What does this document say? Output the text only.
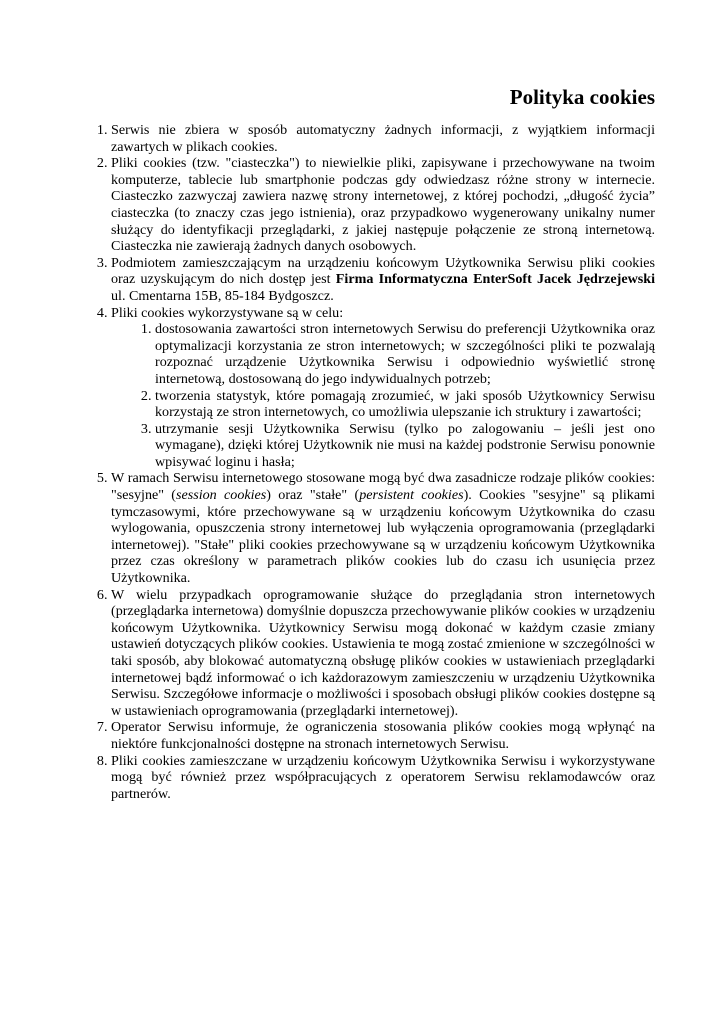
Polityka cookies
1. Serwis nie zbiera w sposób automatyczny żadnych informacji, z wyjątkiem informacji zawartych w plikach cookies.
2. Pliki cookies (tzw. "ciasteczka") to niewielkie pliki, zapisywane i przechowywane na twoim komputerze, tablecie lub smartphonie podczas gdy odwiedzasz różne strony w internecie. Ciasteczko zazwyczaj zawiera nazwę strony internetowej, z której pochodzi, „długość życia” ciasteczka (to znaczy czas jego istnienia), oraz przypadkowo wygenerowany unikalny numer służący do identyfikacji przeglądarki, z jakiej następuje połączenie ze stroną internetową. Ciasteczka nie zawierają żadnych danych osobowych.
3. Podmiotem zamieszczającym na urządzeniu końcowym Użytkownika Serwisu pliki cookies oraz uzyskującym do nich dostęp jest Firma Informatyczna EnterSoft Jacek Jędrzejewski ul. Cmentarna 15B, 85-184 Bydgoszcz.
4. Pliki cookies wykorzystywane są w celu:
1. dostosowania zawartości stron internetowych Serwisu do preferencji Użytkownika oraz optymalizacji korzystania ze stron internetowych; w szczególności pliki te pozwalają rozpoznać urządzenie Użytkownika Serwisu i odpowiednio wyświetlić stronę internetową, dostosowaną do jego indywidualnych potrzeb;
2. tworzenia statystyk, które pomagają zrozumieć, w jaki sposób Użytkownicy Serwisu korzystają ze stron internetowych, co umożliwia ulepszanie ich struktury i zawartości;
3. utrzymanie sesji Użytkownika Serwisu (tylko po zalogowaniu – jeśli jest ono wymagane), dzięki której Użytkownik nie musi na każdej podstronie Serwisu ponownie wpisywać loginu i hasła;
5. W ramach Serwisu internetowego stosowane mogą być dwa zasadnicze rodzaje plików cookies: "sesyjne" (session cookies) oraz "stałe" (persistent cookies). Cookies "sesyjne" są plikami tymczasowymi, które przechowywane są w urządzeniu końcowym Użytkownika do czasu wylogowania, opuszczenia strony internetowej lub wyłączenia oprogramowania (przeglądarki internetowej). "Stałe" pliki cookies przechowywane są w urządzeniu końcowym Użytkownika przez czas określony w parametrach plików cookies lub do czasu ich usunięcia przez Użytkownika.
6. W wielu przypadkach oprogramowanie służące do przeglądania stron internetowych (przeglądarka internetowa) domyślnie dopuszcza przechowywanie plików cookies w urządzeniu końcowym Użytkownika. Użytkownicy Serwisu mogą dokonać w każdym czasie zmiany ustawień dotyczących plików cookies. Ustawienia te mogą zostać zmienione w szczególności w taki sposób, aby blokować automatyczną obsługę plików cookies w ustawieniach przeglądarki internetowej bądź informować o ich każdorazowym zamieszczeniu w urządzeniu Użytkownika Serwisu. Szczegółowe informacje o możliwości i sposobach obsługi plików cookies dostępne są w ustawieniach oprogramowania (przeglądarki internetowej).
7. Operator Serwisu informuje, że ograniczenia stosowania plików cookies mogą wpłynąć na niektóre funkcjonalności dostępne na stronach internetowych Serwisu.
8. Pliki cookies zamieszczane w urządzeniu końcowym Użytkownika Serwisu i wykorzystywane mogą być również przez współpracujących z operatorem Serwisu reklamodawców oraz partnerów.
